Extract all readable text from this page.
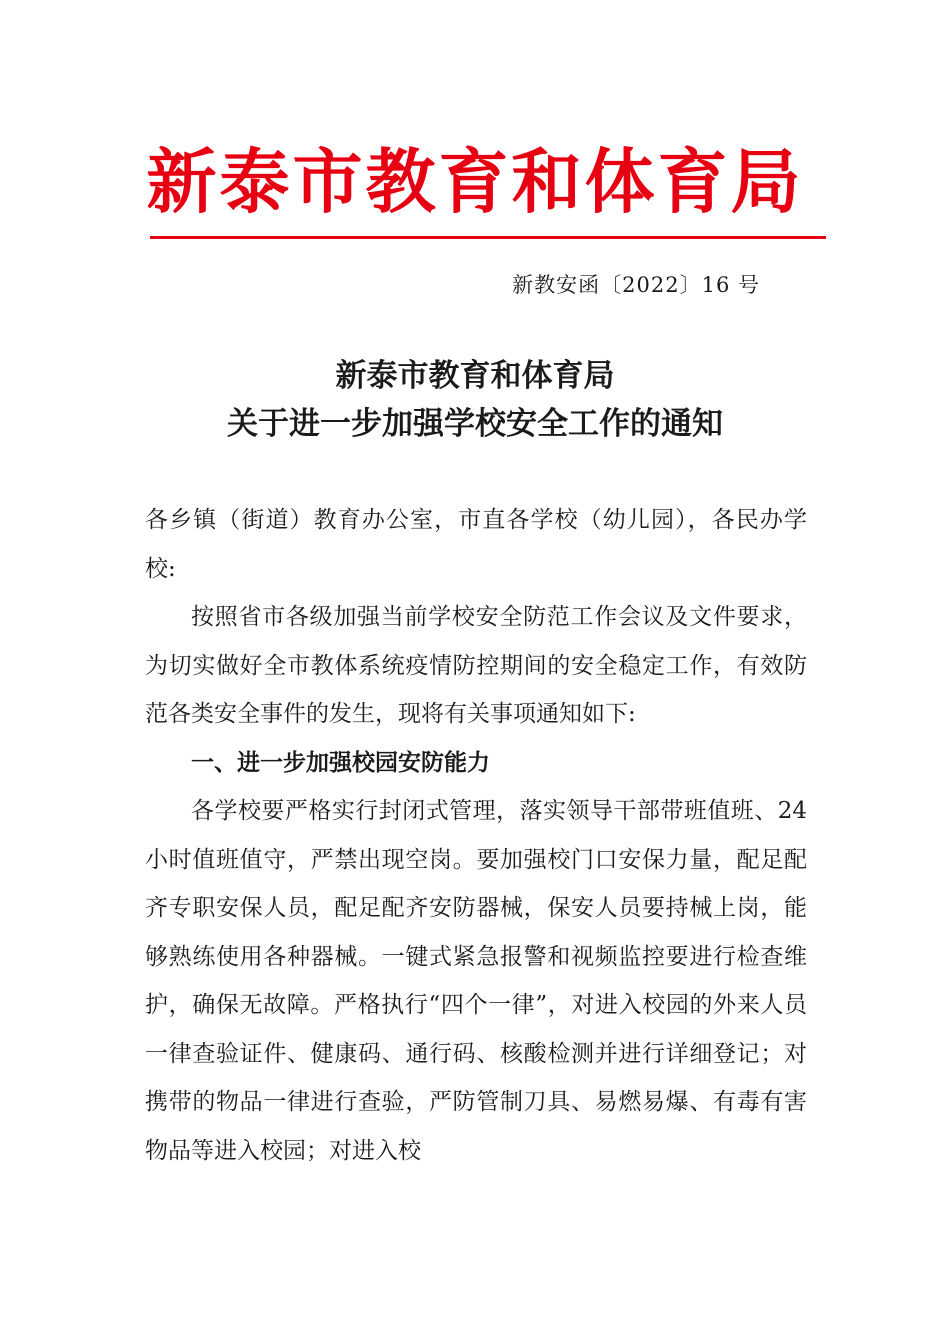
新泰市教育和体育局
新教安函〔2022〕16 号
新泰市教育和体育局
关于进一步加强学校安全工作的通知

各乡镇（街道）教育办公室，市直各学校（幼儿园），各民办学校:

按照省市各级加强当前学校安全防范工作会议及文件要求，为切实做好全市教体系统疫情防控期间的安全稳定工作，有效防范各类安全事件的发生，现将有关事项通知如下:

一、进一步加强校园安防能力

各学校要严格实行封闭式管理，落实领导干部带班值班、24 小时值班值守，严禁出现空岗。要加强校门口安保力量，配足配齐专职安保人员，配足配齐安防器械，保安人员要持械上岗，能够熟练使用各种器械。一键式紧急报警和视频监控要进行检查维护，确保无故障。严格执行“四个一律”，对进入校园的外来人员一律查验证件、健康码、通行码、核酸检测并进行详细登记；对携带的物品一律进行查验，严防管制刀具、易燃易爆、有毒有害物品等进入校园；对进入校
